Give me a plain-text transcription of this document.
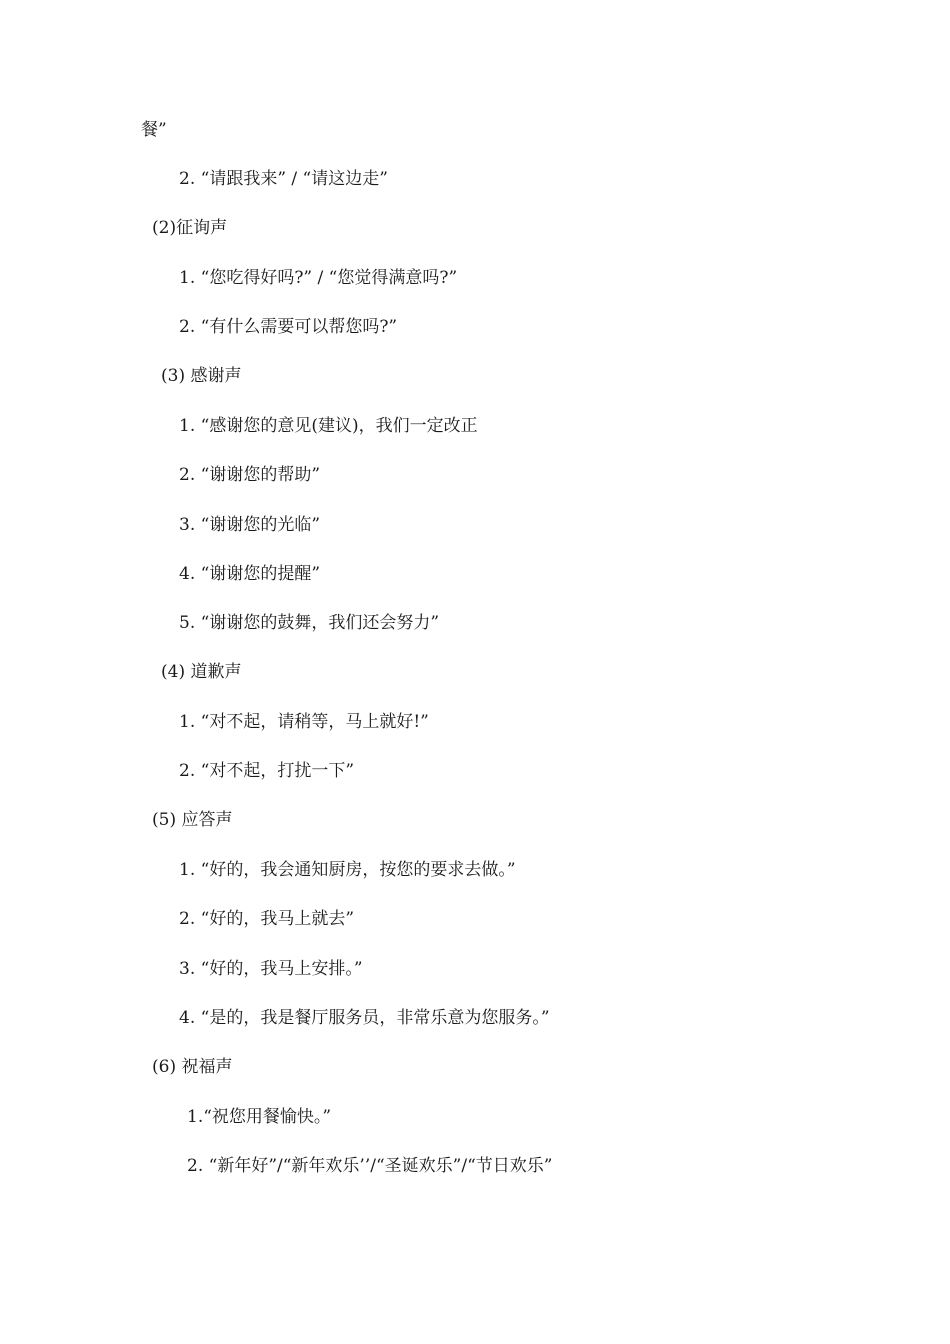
餐”
2. “请跟我来” / “请这边走”
(2)征询声
1. “您吃得好吗?” / “您觉得满意吗?”
2. “有什么需要可以帮您吗?”
(3) 感谢声
1. “感谢您的意见(建议)，我们一定改正
2. “谢谢您的帮助”
3. “谢谢您的光临”
4. “谢谢您的提醒”
5. “谢谢您的鼓舞，我们还会努力”
(4) 道歉声
1. “对不起，请稍等，马上就好!”
2. “对不起，打扰一下”
(5) 应答声
1. “好的，我会通知厨房，按您的要求去做。”
2. “好的，我马上就去”
3. “好的，我马上安排。”
4. “是的，我是餐厅服务员，非常乐意为您服务。”
(6) 祝福声
1.“祝您用餐愉快。”
2. “新年好”/“新年欢乐’’/“圣诞欢乐”/“节日欢乐”
